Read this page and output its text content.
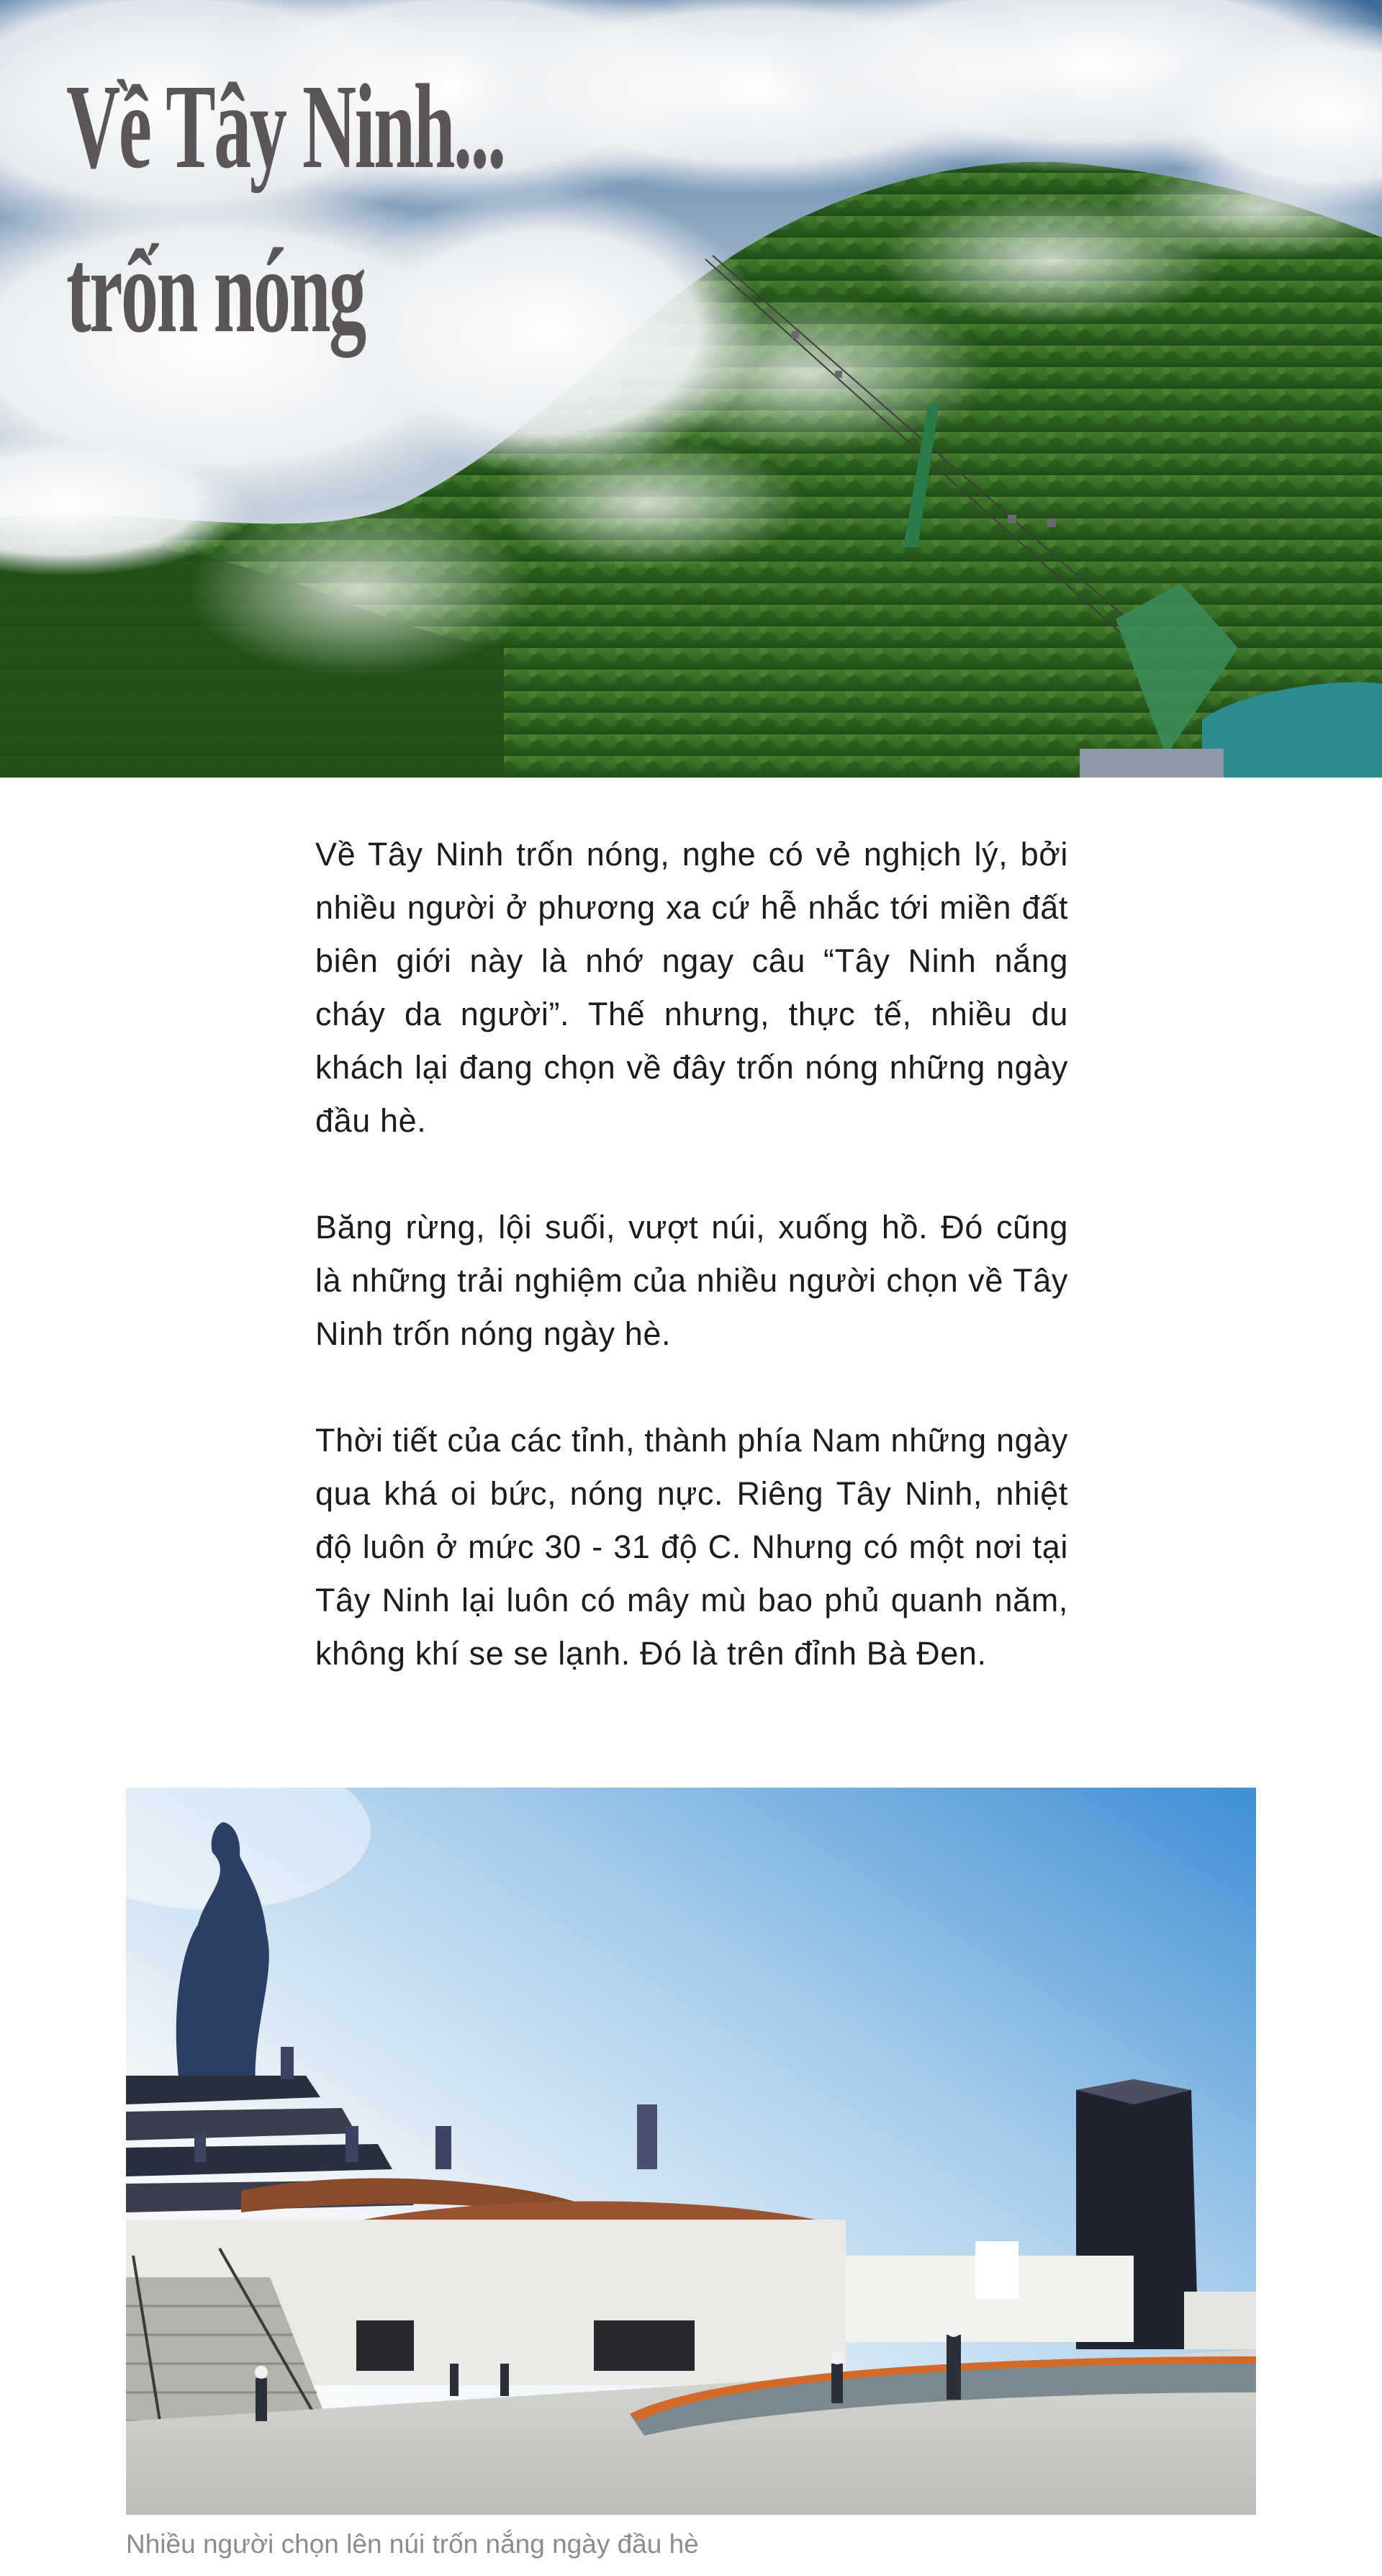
Về Tây Ninh...
trốn nóng

Về Tây Ninh trốn nóng, nghe có vẻ nghịch lý, bởi nhiều người ở phương xa cứ hễ nhắc tới miền đất biên giới này là nhớ ngay câu “Tây Ninh nắng cháy da người”. Thế nhưng, thực tế, nhiều du khách lại đang chọn về đây trốn nóng những ngày đầu hè.

Băng rừng, lội suối, vượt núi, xuống hồ. Đó cũng là những trải nghiệm của nhiều người chọn về Tây Ninh trốn nóng ngày hè.

Thời tiết của các tỉnh, thành phía Nam những ngày qua khá oi bức, nóng nực. Riêng Tây Ninh, nhiệt độ luôn ở mức 30 - 31 độ C. Nhưng có một nơi tại Tây Ninh lại luôn có mây mù bao phủ quanh năm, không khí se se lạnh. Đó là trên đỉnh Bà Đen.

Nhiều người chọn lên núi trốn nắng ngày đầu hè
